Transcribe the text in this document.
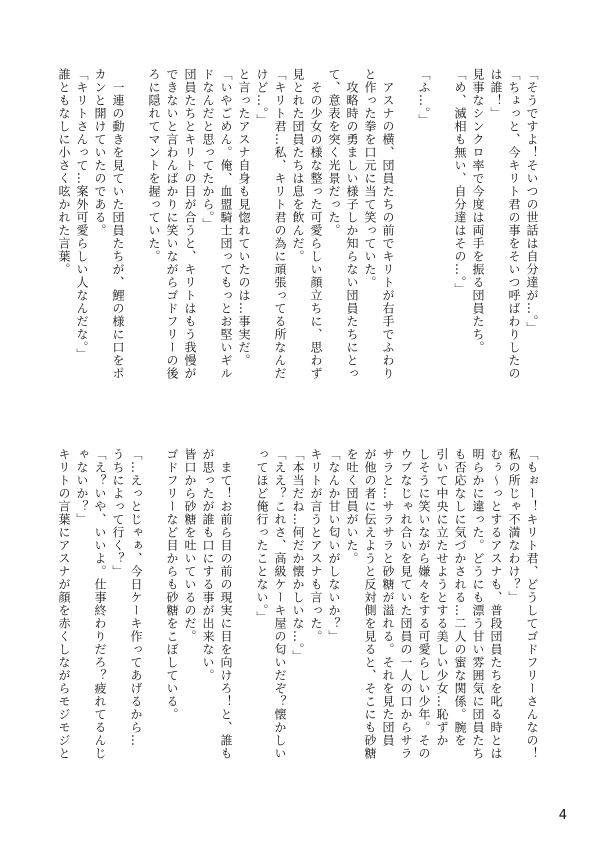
「そうですよ！そいつの世話は自分達が…。」
「ちょっと、今キリト君の事をそいつ呼ばわりしたの
は誰！」
見事なシンクロ率で今度は両手を振る団員たち。
「め、滅相も無い、自分達はその…。」

「ふ…。」

　アスナの横、団員たちの前でキリトが右手でふわり
と作った拳を口元に当て笑っていた。
　攻略時の勇ましい様子しか知らない団員たちにとっ
て、意表を突く光景だった。
　その少女の様な整った可愛らしい顔立ちに、思わず
見とれた団員たちは息を飲んだ。
「キリト君…私、キリト君の為に頑張ってる所なんだ
けど…。」
と言ったアスナ自身も見惚れていたのは…事実だ。
「いやごめん。俺、血盟騎士団ってもっとお堅いギル
ドなんだと思ってたから。」
団員たちとキリトの目が合うと、キリトはもう我慢が
できないと言わんばかりに笑いながらゴドフリーの後
ろに隠れてマントを握っていた。

　一連の動きを見ていた団員たちが、鯉の様に口をポ
カンと開けていたのである。
「キリトさんって…案外可愛らしい人なんだな。」
誰ともなしに小さく呟かれた言葉。
「もぉー！キリト君、どうしてゴドフリーさんなの！
私の所じゃ不満なわけ？」
むぅ～っとするアスナも、普段団員たちを叱る時とは
明らかに違った。どうにも漂う甘い雰囲気に団員たち
も否応なしに気づかされる…二人の蜜な関係。腕を
引いて中央に立たせようとする美しい少女…恥ずか
しそうに笑いながら嫌々をする可愛らしい少年。その
ウブなじゃれ合いを見ていた団員の一人の口からサラ
サラと…サラサラと砂糖が溢れる。それを見た団員
が他の者に伝えようと反対側を見ると、そこにも砂糖
を吐く団員がいた。
「なんか甘い匂いがしないか？」
キリトが言うとアスナも言った。
「本当だね…何だか懐かしいな…。」
「ええ？これさ、高級ケーキ屋の匂いだぞ？懐かしい
ってほど俺行ったことない。」

　まて！お前ら目の前の現実に目を向けろ！と、誰も
が思ったが誰も口にする事が出来ない。
皆口から砂糖を吐いているのだ。
ゴドフリーなど目からも砂糖をこぼしている。

「…えっとじゃぁ、今日ケーキ作ってあげるから…
うちによって行く？」
「え？いや、いいよ。仕事終わりだろ？疲れてるんじ
ゃないか？」
キリトの言葉にアスナが顔を赤くしながらモジモジと
4
